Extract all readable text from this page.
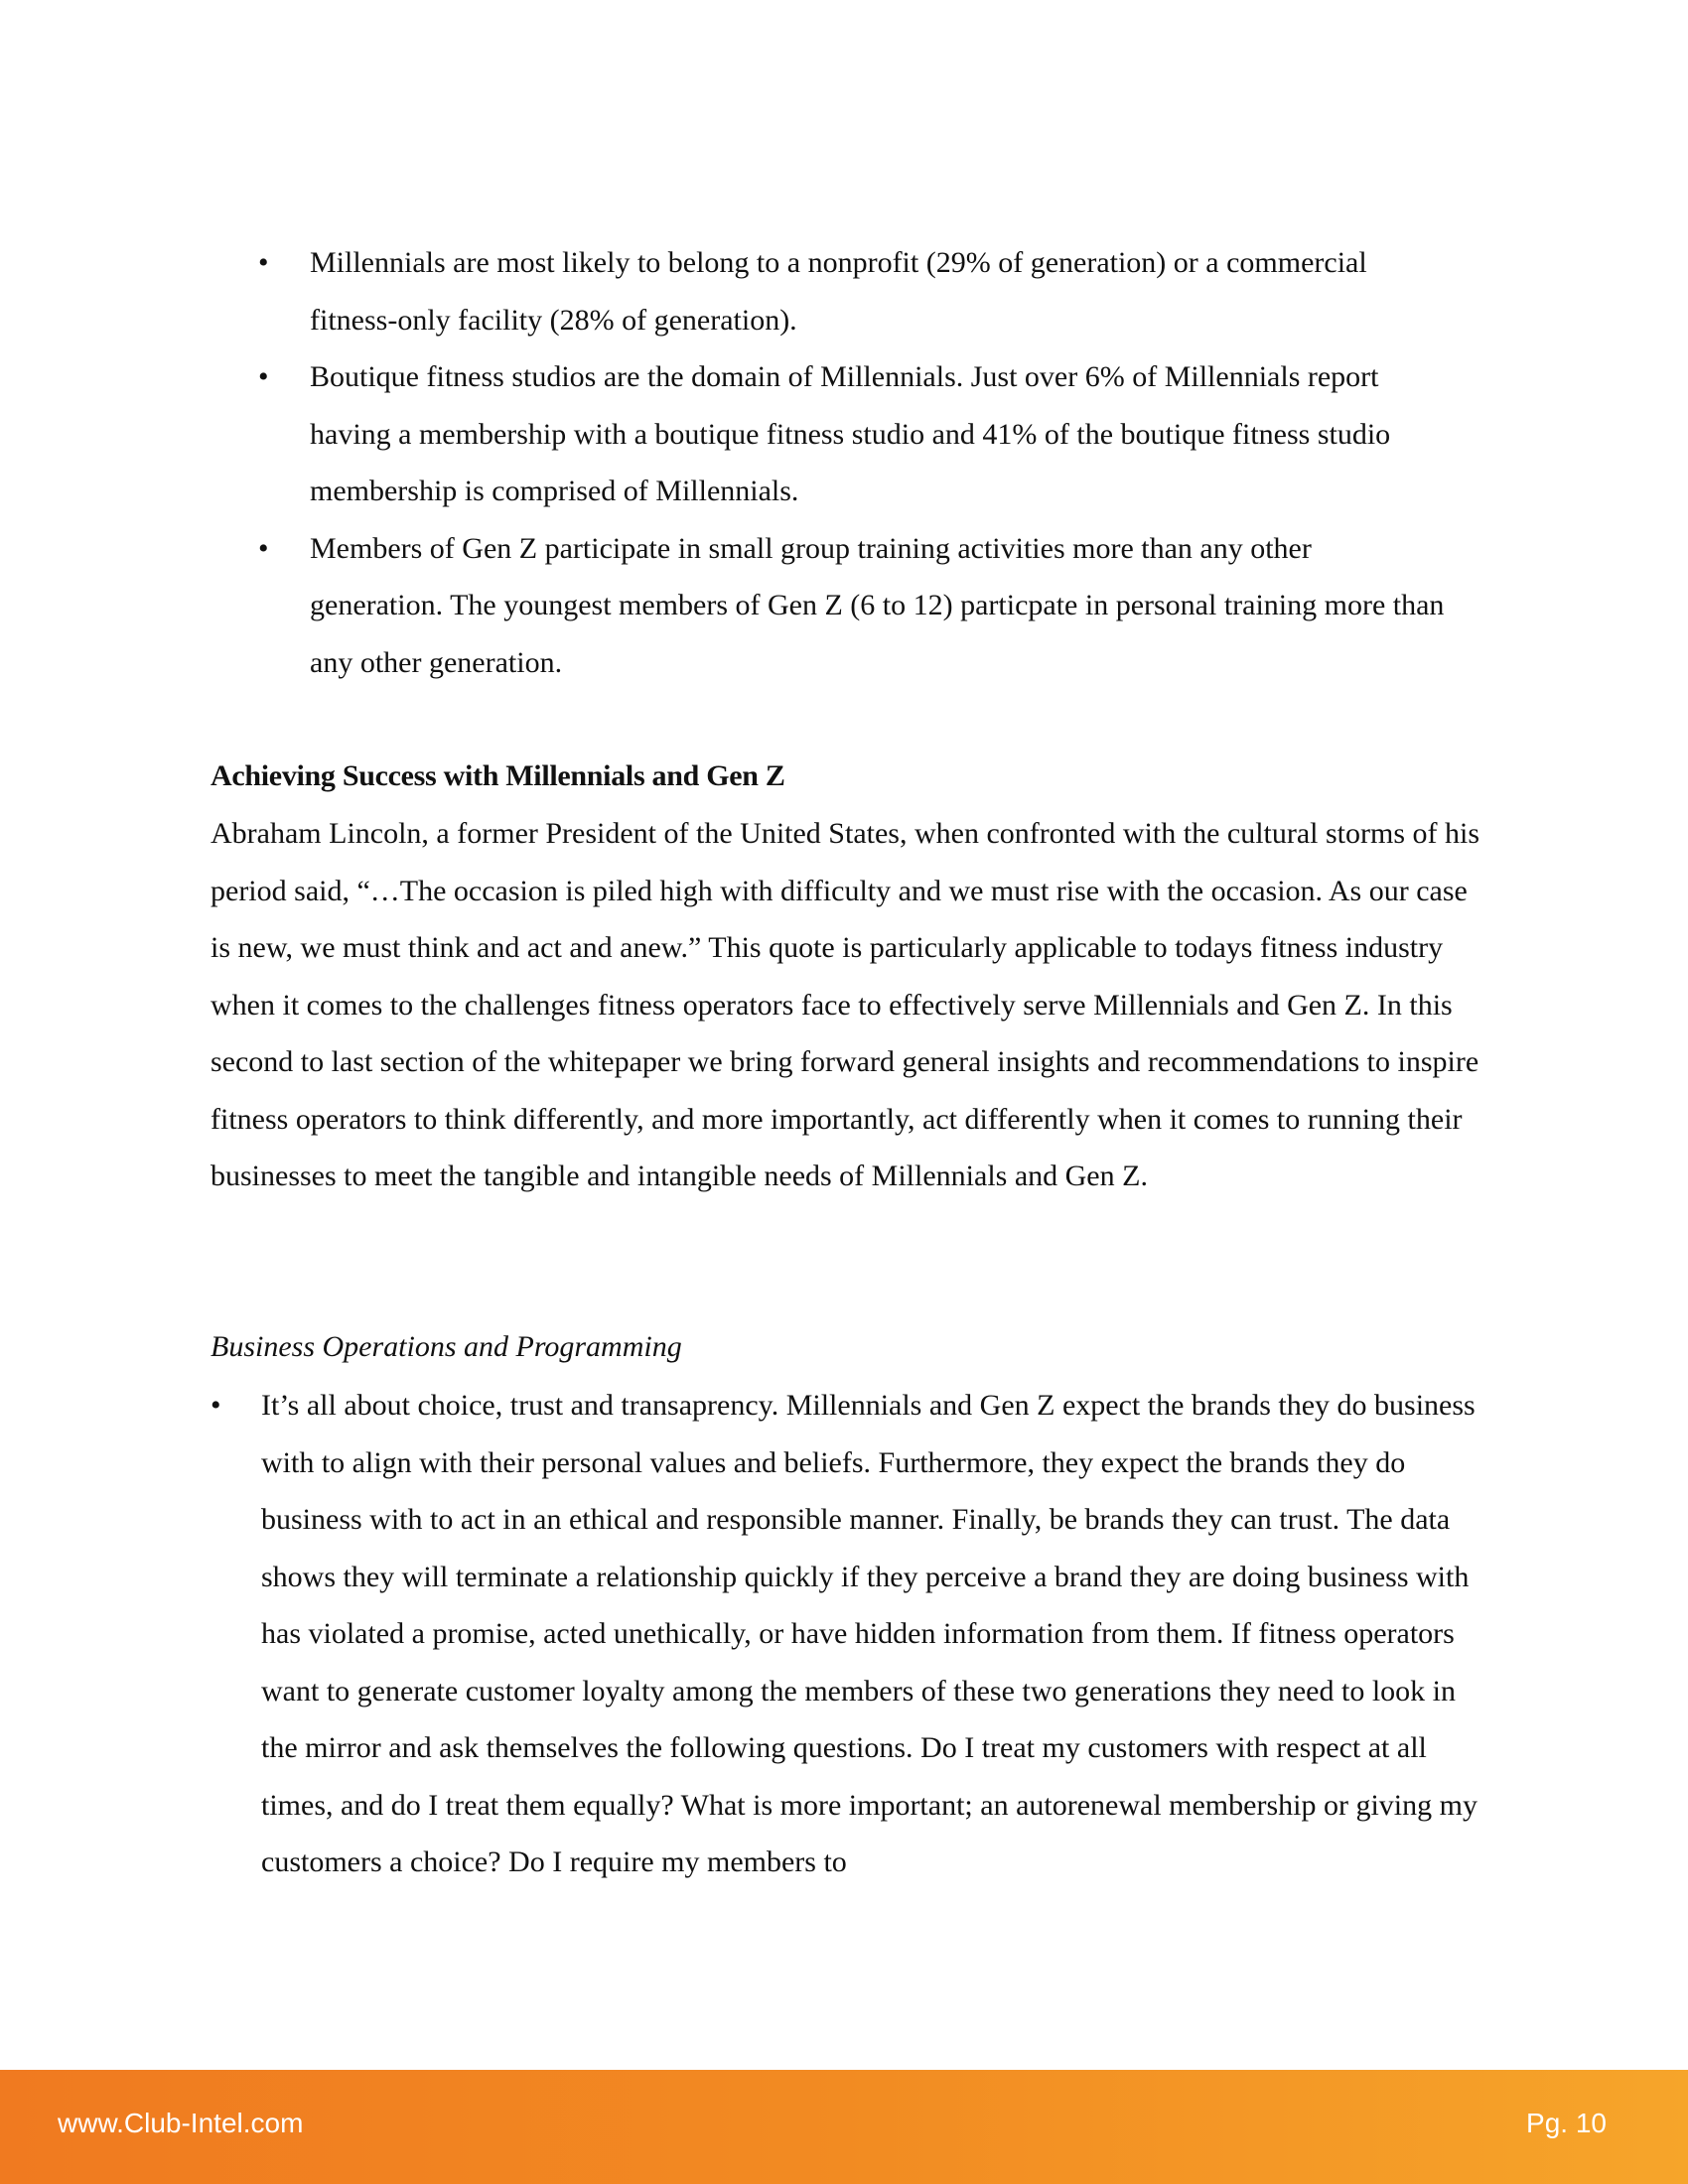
• Millennials are most likely to belong to a nonprofit (29% of generation) or a commercial fitness-only facility (28% of generation).
• Boutique fitness studios are the domain of Millennials. Just over 6% of Millennials report having a membership with a boutique fitness studio and 41% of the boutique fitness studio membership is comprised of Millennials.
• Members of Gen Z participate in small group training activities more than any other generation. The youngest members of Gen Z (6 to 12) particpate in personal training more than any other generation.
Achieving Success with Millennials and Gen Z

Abraham Lincoln, a former President of the United States, when confronted with the cultural storms of his period said, “…The occasion is piled high with difficulty and we must rise with the occasion. As our case is new, we must think and act and anew.” This quote is particularly applicable to todays fitness industry when it comes to the challenges fitness operators face to effectively serve Millennials and Gen Z. In this second to last section of the whitepaper we bring forward general insights and recommendations to inspire fitness operators to think differently, and more importantly, act differently when it comes to running their businesses to meet the tangible and intangible needs of Millennials and Gen Z.

Business Operations and Programming
• It’s all about choice, trust and transaprency. Millennials and Gen Z expect the brands they do business with to align with their personal values and beliefs. Furthermore, they expect the brands they do business with to act in an ethical and responsible manner. Finally, be brands they can trust. The data shows they will terminate a relationship quickly if they perceive a brand they are doing business with has violated a promise, acted unethically, or have hidden information from them. If fitness operators want to generate customer loyalty among the members of these two generations they need to look in the mirror and ask themselves the following questions. Do I treat my customers with respect at all times, and do I treat them equally? What is more important; an autorenewal membership or giving my customers a choice? Do I require my members to
www.Club-Intel.com	Pg. 10
